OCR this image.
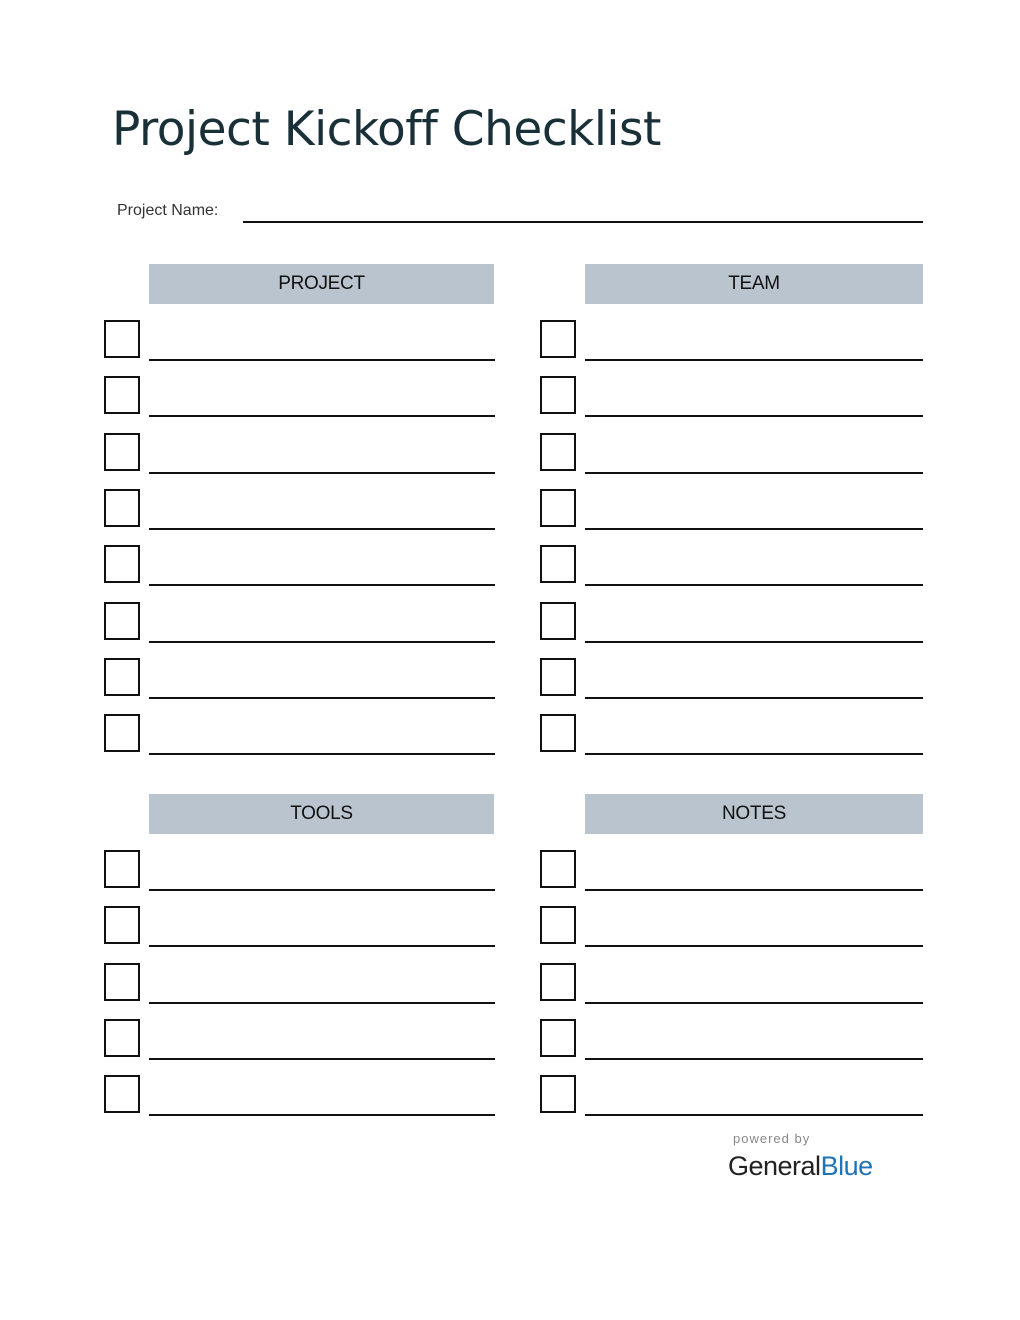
Project Kickoff Checklist
Project Name:
PROJECT	TEAM
TOOLS	NOTES
powered by
GeneralBlue
